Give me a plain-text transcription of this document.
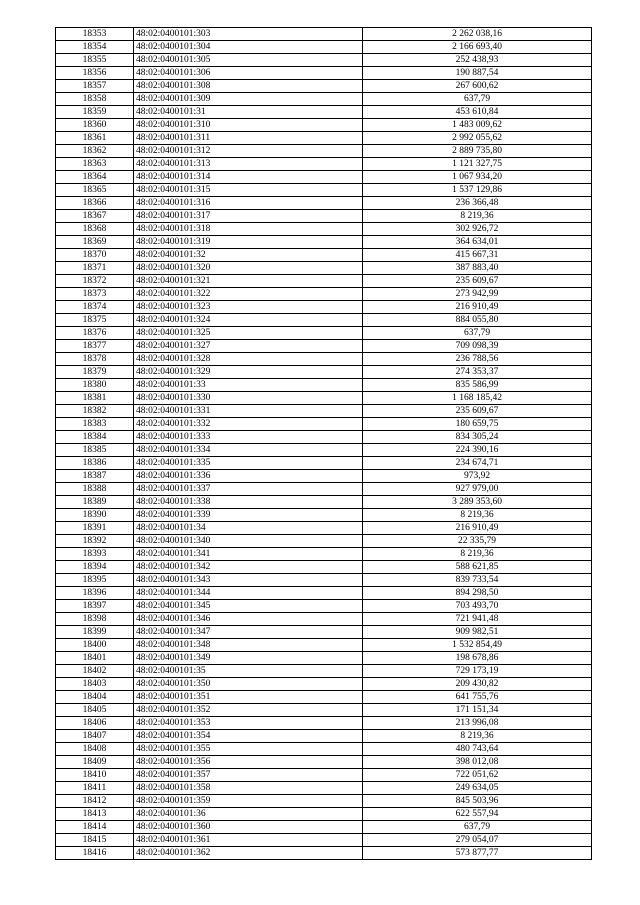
18353	48:02:0400101:303	2 262 038,16
18354	48:02:0400101:304	2 166 693,40
18355	48:02:0400101:305	252 438,93
18356	48:02:0400101:306	190 887,54
18357	48:02:0400101:308	267 600,62
18358	48:02:0400101:309	637,79
18359	48:02:0400101:31	453 610,84
18360	48:02:0400101:310	1 483 009,62
18361	48:02:0400101:311	2 992 055,62
18362	48:02:0400101:312	2 889 735,80
18363	48:02:0400101:313	1 121 327,75
18364	48:02:0400101:314	1 067 934,20
18365	48:02:0400101:315	1 537 129,86
18366	48:02:0400101:316	236 366,48
18367	48:02:0400101:317	8 219,36
18368	48:02:0400101:318	302 926,72
18369	48:02:0400101:319	364 634,01
18370	48:02:0400101:32	415 667,31
18371	48:02:0400101:320	387 883,40
18372	48:02:0400101:321	235 609,67
18373	48:02:0400101:322	273 942,99
18374	48:02:0400101:323	216 910,49
18375	48:02:0400101:324	884 055,80
18376	48:02:0400101:325	637,79
18377	48:02:0400101:327	709 098,39
18378	48:02:0400101:328	236 788,56
18379	48:02:0400101:329	274 353,37
18380	48:02:0400101:33	835 586,99
18381	48:02:0400101:330	1 168 185,42
18382	48:02:0400101:331	235 609,67
18383	48:02:0400101:332	180 659,75
18384	48:02:0400101:333	834 305,24
18385	48:02:0400101:334	224 390,16
18386	48:02:0400101:335	234 674,71
18387	48:02:0400101:336	973,92
18388	48:02:0400101:337	927 979,00
18389	48:02:0400101:338	3 289 353,60
18390	48:02:0400101:339	8 219,36
18391	48:02:0400101:34	216 910,49
18392	48:02:0400101:340	22 335,79
18393	48:02:0400101:341	8 219,36
18394	48:02:0400101:342	588 621,85
18395	48:02:0400101:343	839 733,54
18396	48:02:0400101:344	894 298,50
18397	48:02:0400101:345	703 493,70
18398	48:02:0400101:346	721 941,48
18399	48:02:0400101:347	909 982,51
18400	48:02:0400101:348	1 532 854,49
18401	48:02:0400101:349	198 678,86
18402	48:02:0400101:35	729 173,19
18403	48:02:0400101:350	209 430,82
18404	48:02:0400101:351	641 755,76
18405	48:02:0400101:352	171 151,34
18406	48:02:0400101:353	213 996,08
18407	48:02:0400101:354	8 219,36
18408	48:02:0400101:355	480 743,64
18409	48:02:0400101:356	398 012,08
18410	48:02:0400101:357	722 051,62
18411	48:02:0400101:358	249 634,05
18412	48:02:0400101:359	845 503,96
18413	48:02:0400101:36	622 557,94
18414	48:02:0400101:360	637,79
18415	48:02:0400101:361	279 054,07
18416	48:02:0400101:362	573 877,77
